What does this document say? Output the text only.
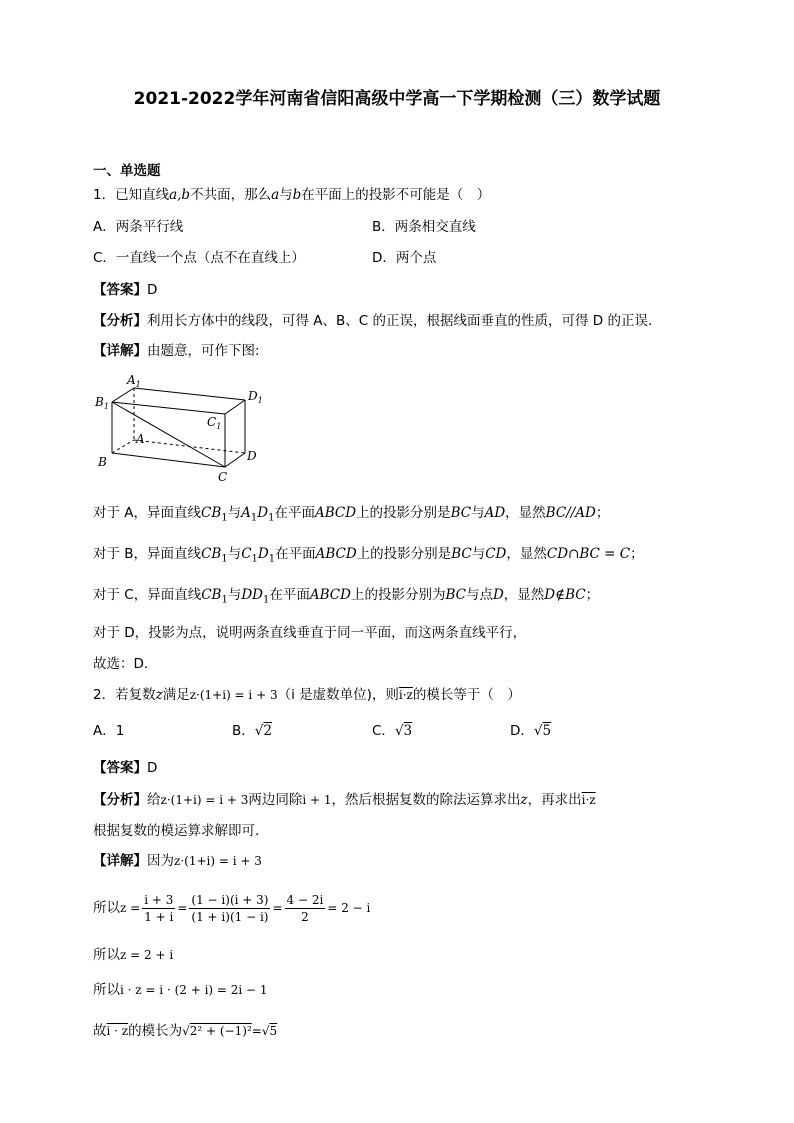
2021-2022学年河南省信阳高级中学高一下学期检测（三）数学试题
一、单选题
1．已知直线a,b不共面，那么a与b在平面上的投影不可能是（　）
A．两条平行线	B．两条相交直线
C．一直线一个点（点不在直线上）	D．两个点
【答案】D
【分析】利用长方体中的线段，可得 A、B、C 的正误，根据线面垂直的性质，可得 D 的正误.
【详解】由题意，可作下图:
$A_1$
$D_1$
$B_1$
$C_1$
A
B
C
D
对于 A，异面直线$CB_1$与$A_1D_1$在平面ABCD上的投影分别是BC与AD，显然BC//AD；
对于 B，异面直线$CB_1$与$C_1D_1$在平面ABCD上的投影分别是BC与CD，显然CD∩BC = C；
对于 C，异面直线$CB_1$与$DD_1$在平面ABCD上的投影分别为BC与点D，显然D∉BC；
对于 D，投影为点，说明两条直线垂直于同一平面，而这两条直线平行，
故选：D.
2．若复数z满足z·(1+i) = i + 3（i 是虚数单位)，则i·z的模长等于（　）
A．1	B．√2	C．√3	D．√5
【答案】D
【分析】给z·(1+i) = i + 3两边同除i + 1，然后根据复数的除法运算求出z，再求出i·z
根据复数的模运算求解即可.
【详解】因为z·(1+i) = i + 3
所以$z = \frac{i + 3}{1 + i} = \frac{(1 - i)(i + 3)}{(1 + i)(1 - i)} = \frac{4 - 2i}{2} = 2 - i$
所以z = 2 + i
所以i · z = i · (2 + i) = 2i − 1
故i · z的模长为√2² + (−1)²=√5
